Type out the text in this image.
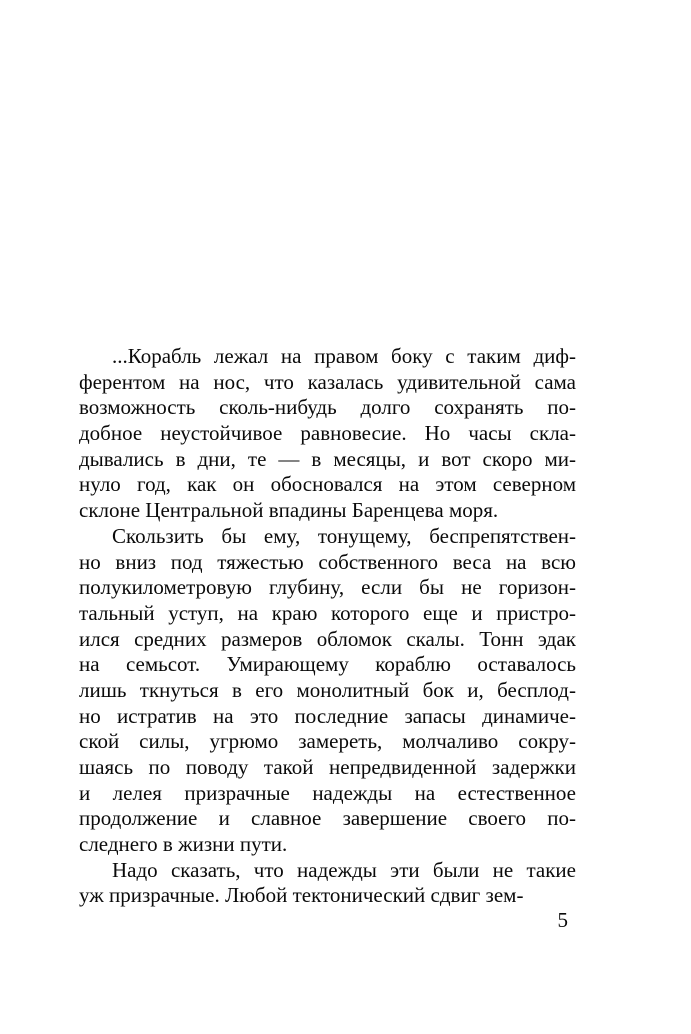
...Корабль лежал на правом боку с таким диф-
ферентом на нос, что казалась удивительной сама
возможность сколь-нибудь долго сохранять по-
добное неустойчивое равновесие. Но часы скла-
дывались в дни, те — в месяцы, и вот скоро ми-
нуло год, как он обосновался на этом северном
склоне Центральной впадины Баренцева моря.
Скользить бы ему, тонущему, беспрепятствен-
но вниз под тяжестью собственного веса на всю
полукилометровую глубину, если бы не горизон-
тальный уступ, на краю которого еще и пристро-
ился средних размеров обломок скалы. Тонн эдак
на семьсот. Умирающему кораблю оставалось
лишь ткнуться в его монолитный бок и, бесплод-
но истратив на это последние запасы динамиче-
ской силы, угрюмо замереть, молчаливо сокру-
шаясь по поводу такой непредвиденной задержки
и лелея призрачные надежды на естественное
продолжение и славное завершение своего по-
следнего в жизни пути.
Надо сказать, что надежды эти были не такие
уж призрачные. Любой тектонический сдвиг зем-
5
